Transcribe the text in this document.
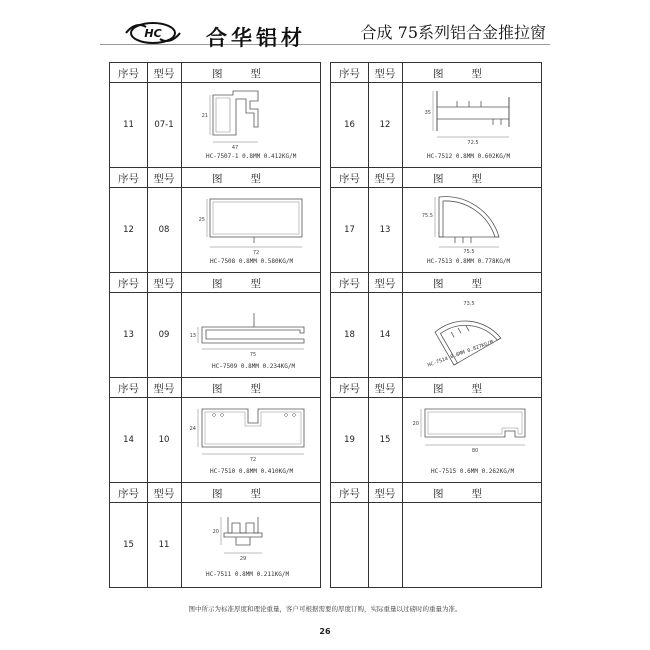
HC 合华铝材	合成 75系列铝合金推拉窗
序号	型号	图型
11	07-1
21
47
HC-7507-1 0.8MM 0.412KG/M
序号	型号	图型
12	08
25
72
HC-7508 0.8MM 0.580KG/M
序号	型号	图型
13	09	13
75
HC-7509 0.8MM 0.234KG/M
序号	型号	图型
14	10
24
72
HC-7510 0.8MM 0.410KG/M
序号	型号	图型
15	11
20
29
HC-7511 0.8MM 0.211KG/M
序号	型号	图型
16	12
35
72.5
HC-7512 0.8MM 0.602KG/M
序号	型号	图型
17	13
75.5
75.5
HC-7513 0.8MM 0.778KG/M
序号	型号	图型
18	14
73.5
HC-7514 0.8MM 0.827KG/M
序号	型号	图型
19	15
20
80
HC-7515 0.6MM 0.262KG/M
序号	型号	图型
图中所示为标准厚度和理论重量，客户可根据需要的厚度订购，实际重量以过磅时的重量为准。
26
